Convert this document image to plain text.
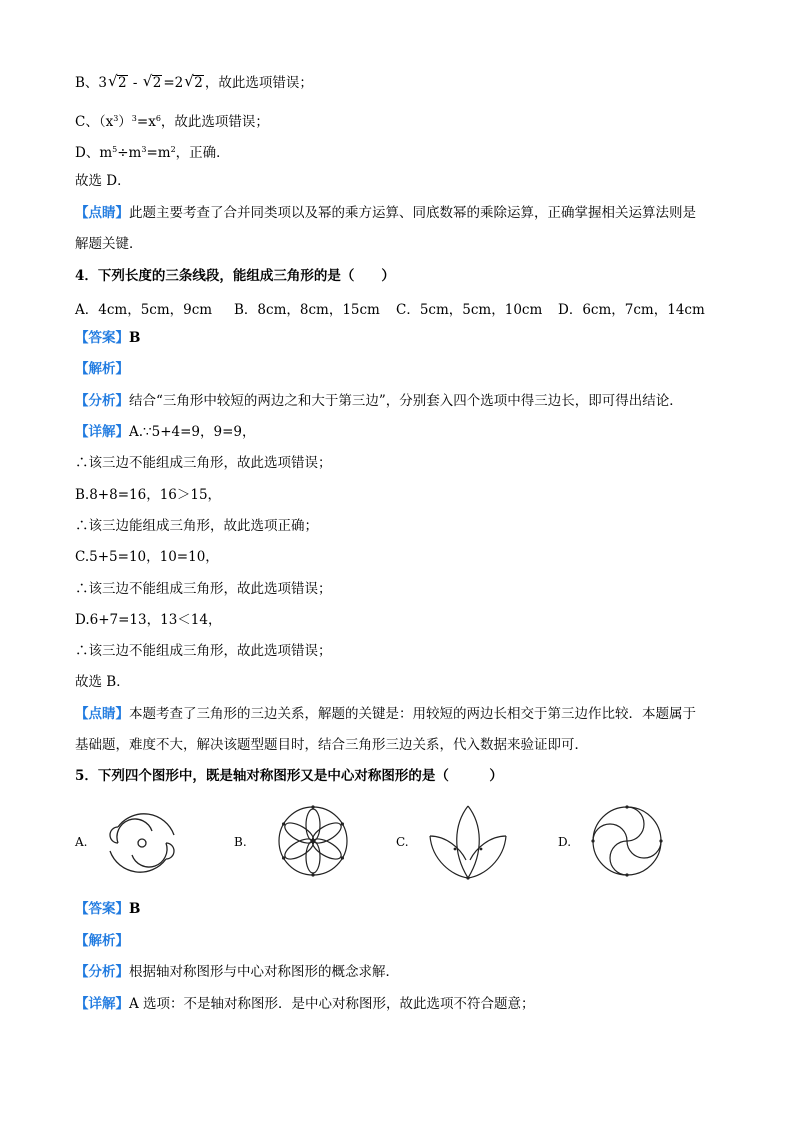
B、3 √ 2 - √ 2 =2 √ 2 ，故此选项错误；
C、$(x^3)^3=x^6$，故此选项错误；
D、$m^5\div m^3=m^2$，正确．
故选 D．
【点睛】此题主要考查了合并同类项以及幂的乘方运算、同底数幂的乘除运算，正确掌握相关运算法则是
解题关键．
4．下列长度的三条线段，能组成三角形的是（　　）
A．4cm，5cm，9cm B．8cm，8cm，15cm C．5cm，5cm，10cm D．6cm，7cm，14cm
【答案】B
【解析】
【分析】结合“三角形中较短的两边之和大于第三边”，分别套入四个选项中得三边长，即可得出结论．
【详解】A.∵5+4=9，9=9，
∴该三边不能组成三角形，故此选项错误；
B.8+8=16，16＞15，
∴该三边能组成三角形，故此选项正确；
C.5+5=10，10=10，
∴该三边不能组成三角形，故此选项错误；
D.6+7=13，13＜14，
∴该三边不能组成三角形，故此选项错误；
故选 B．
【点睛】本题考查了三角形的三边关系，解题的关键是：用较短的两边长相交于第三边作比较．本题属于
基础题，难度不大，解决该题型题目时，结合三角形三边关系，代入数据来验证即可．
5．下列四个图形中，既是轴对称图形又是中心对称图形的是（　　　）
A.	B.	C.	D.
【答案】B
【解析】
【分析】根据轴对称图形与中心对称图形的概念求解．
【详解】A 选项：不是轴对称图形．是中心对称图形，故此选项不符合题意；
